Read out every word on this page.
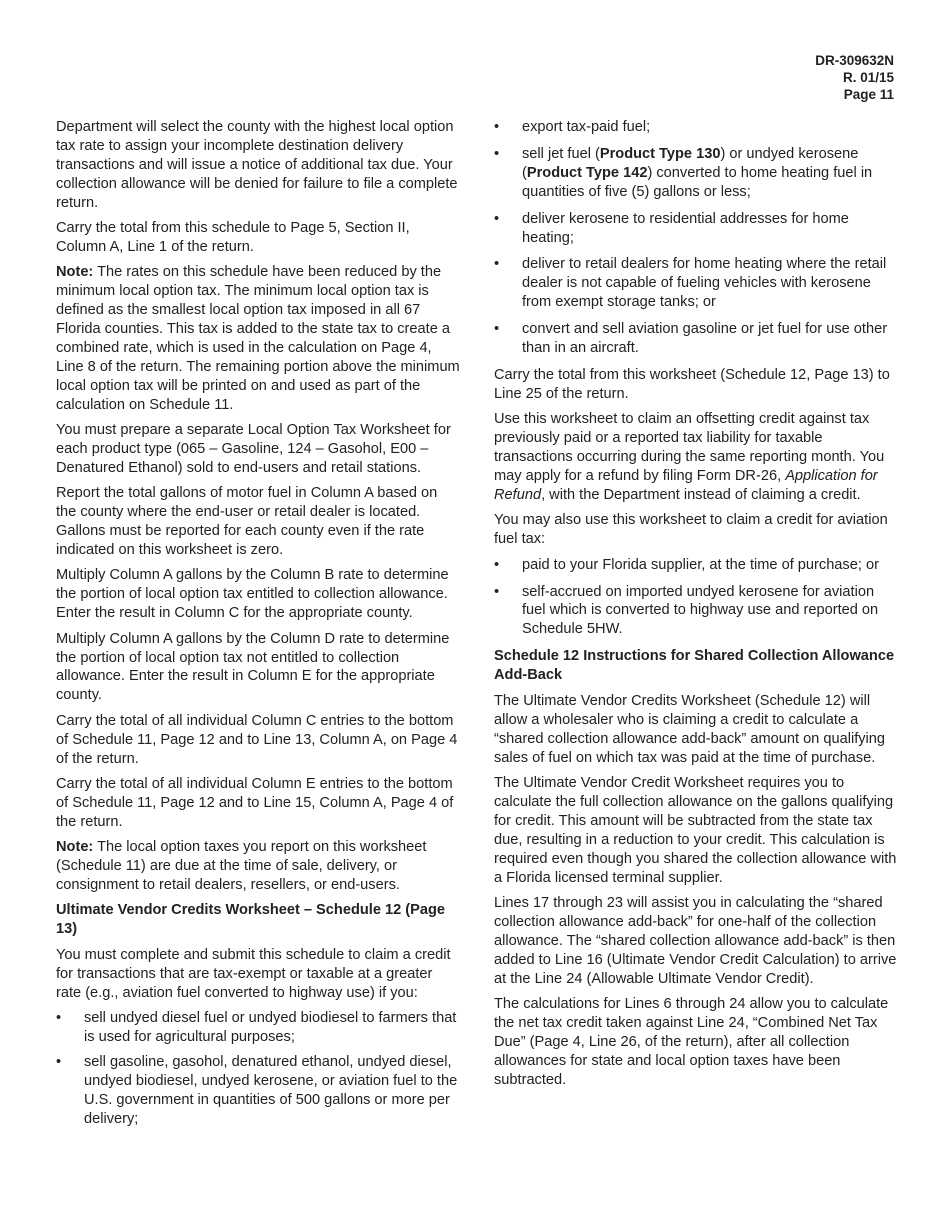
DR-309632N
R. 01/15
Page 11

Department will select the county with the highest local option tax rate to assign your incomplete destination delivery transactions and will issue a notice of additional tax due. Your collection allowance will be denied for failure to file a complete return.

Carry the total from this schedule to Page 5, Section II, Column A, Line 1 of the return.

Note: The rates on this schedule have been reduced by the minimum local option tax. The minimum local option tax is defined as the smallest local option tax imposed in all 67 Florida counties. This tax is added to the state tax to create a combined rate, which is used in the calculation on Page 4, Line 8 of the return. The remaining portion above the minimum local option tax will be printed on and used as part of the calculation on Schedule 11.

You must prepare a separate Local Option Tax Worksheet for each product type (065 – Gasoline, 124 – Gasohol, E00 – Denatured Ethanol) sold to end-users and retail stations.

Report the total gallons of motor fuel in Column A based on the county where the end-user or retail dealer is located. Gallons must be reported for each county even if the rate indicated on this worksheet is zero.

Multiply Column A gallons by the Column B rate to determine the portion of local option tax entitled to collection allowance. Enter the result in Column C for the appropriate county.

Multiply Column A gallons by the Column D rate to determine the portion of local option tax not entitled to collection allowance. Enter the result in Column E for the appropriate county.

Carry the total of all individual Column C entries to the bottom of Schedule 11, Page 12 and to Line 13, Column A, on Page 4 of the return.

Carry the total of all individual Column E entries to the bottom of Schedule 11, Page 12 and to Line 15, Column A, Page 4 of the return.

Note: The local option taxes you report on this worksheet (Schedule 11) are due at the time of sale, delivery, or consignment to retail dealers, resellers, or end-users.

Ultimate Vendor Credits Worksheet – Schedule 12 (Page 13)

You must complete and submit this schedule to claim a credit for transactions that are tax-exempt or taxable at a greater rate (e.g., aviation fuel converted to highway use) if you:

• sell undyed diesel fuel or undyed biodiesel to farmers that is used for agricultural purposes;
• sell gasoline, gasohol, denatured ethanol, undyed diesel, undyed biodiesel, undyed kerosene, or aviation fuel to the U.S. government in quantities of 500 gallons or more per delivery;
• export tax-paid fuel;
• sell jet fuel (Product Type 130) or undyed kerosene (Product Type 142) converted to home heating fuel in quantities of five (5) gallons or less;
• deliver kerosene to residential addresses for home heating;
• deliver to retail dealers for home heating where the retail dealer is not capable of fueling vehicles with kerosene from exempt storage tanks; or
• convert and sell aviation gasoline or jet fuel for use other than in an aircraft.

Carry the total from this worksheet (Schedule 12, Page 13) to Line 25 of the return.

Use this worksheet to claim an offsetting credit against tax previously paid or a reported tax liability for taxable transactions occurring during the same reporting month. You may apply for a refund by filing Form DR-26, Application for Refund, with the Department instead of claiming a credit.

You may also use this worksheet to claim a credit for aviation fuel tax:

• paid to your Florida supplier, at the time of purchase; or
• self-accrued on imported undyed kerosene for aviation fuel which is converted to highway use and reported on Schedule 5HW.
Schedule 12 Instructions for Shared Collection Allowance Add-Back

The Ultimate Vendor Credits Worksheet (Schedule 12) will allow a wholesaler who is claiming a credit to calculate a “shared collection allowance add-back” amount on qualifying sales of fuel on which tax was paid at the time of purchase.

The Ultimate Vendor Credit Worksheet requires you to calculate the full collection allowance on the gallons qualifying for credit. This amount will be subtracted from the state tax due, resulting in a reduction to your credit. This calculation is required even though you shared the collection allowance with a Florida licensed terminal supplier.

Lines 17 through 23 will assist you in calculating the “shared collection allowance add-back” for one-half of the collection allowance. The “shared collection allowance add-back” is then added to Line 16 (Ultimate Vendor Credit Calculation) to arrive at the Line 24 (Allowable Ultimate Vendor Credit).

The calculations for Lines 6 through 24 allow you to calculate the net tax credit taken against Line 24, “Combined Net Tax Due” (Page 4, Line 26, of the return), after all collection allowances for state and local option taxes have been subtracted.
